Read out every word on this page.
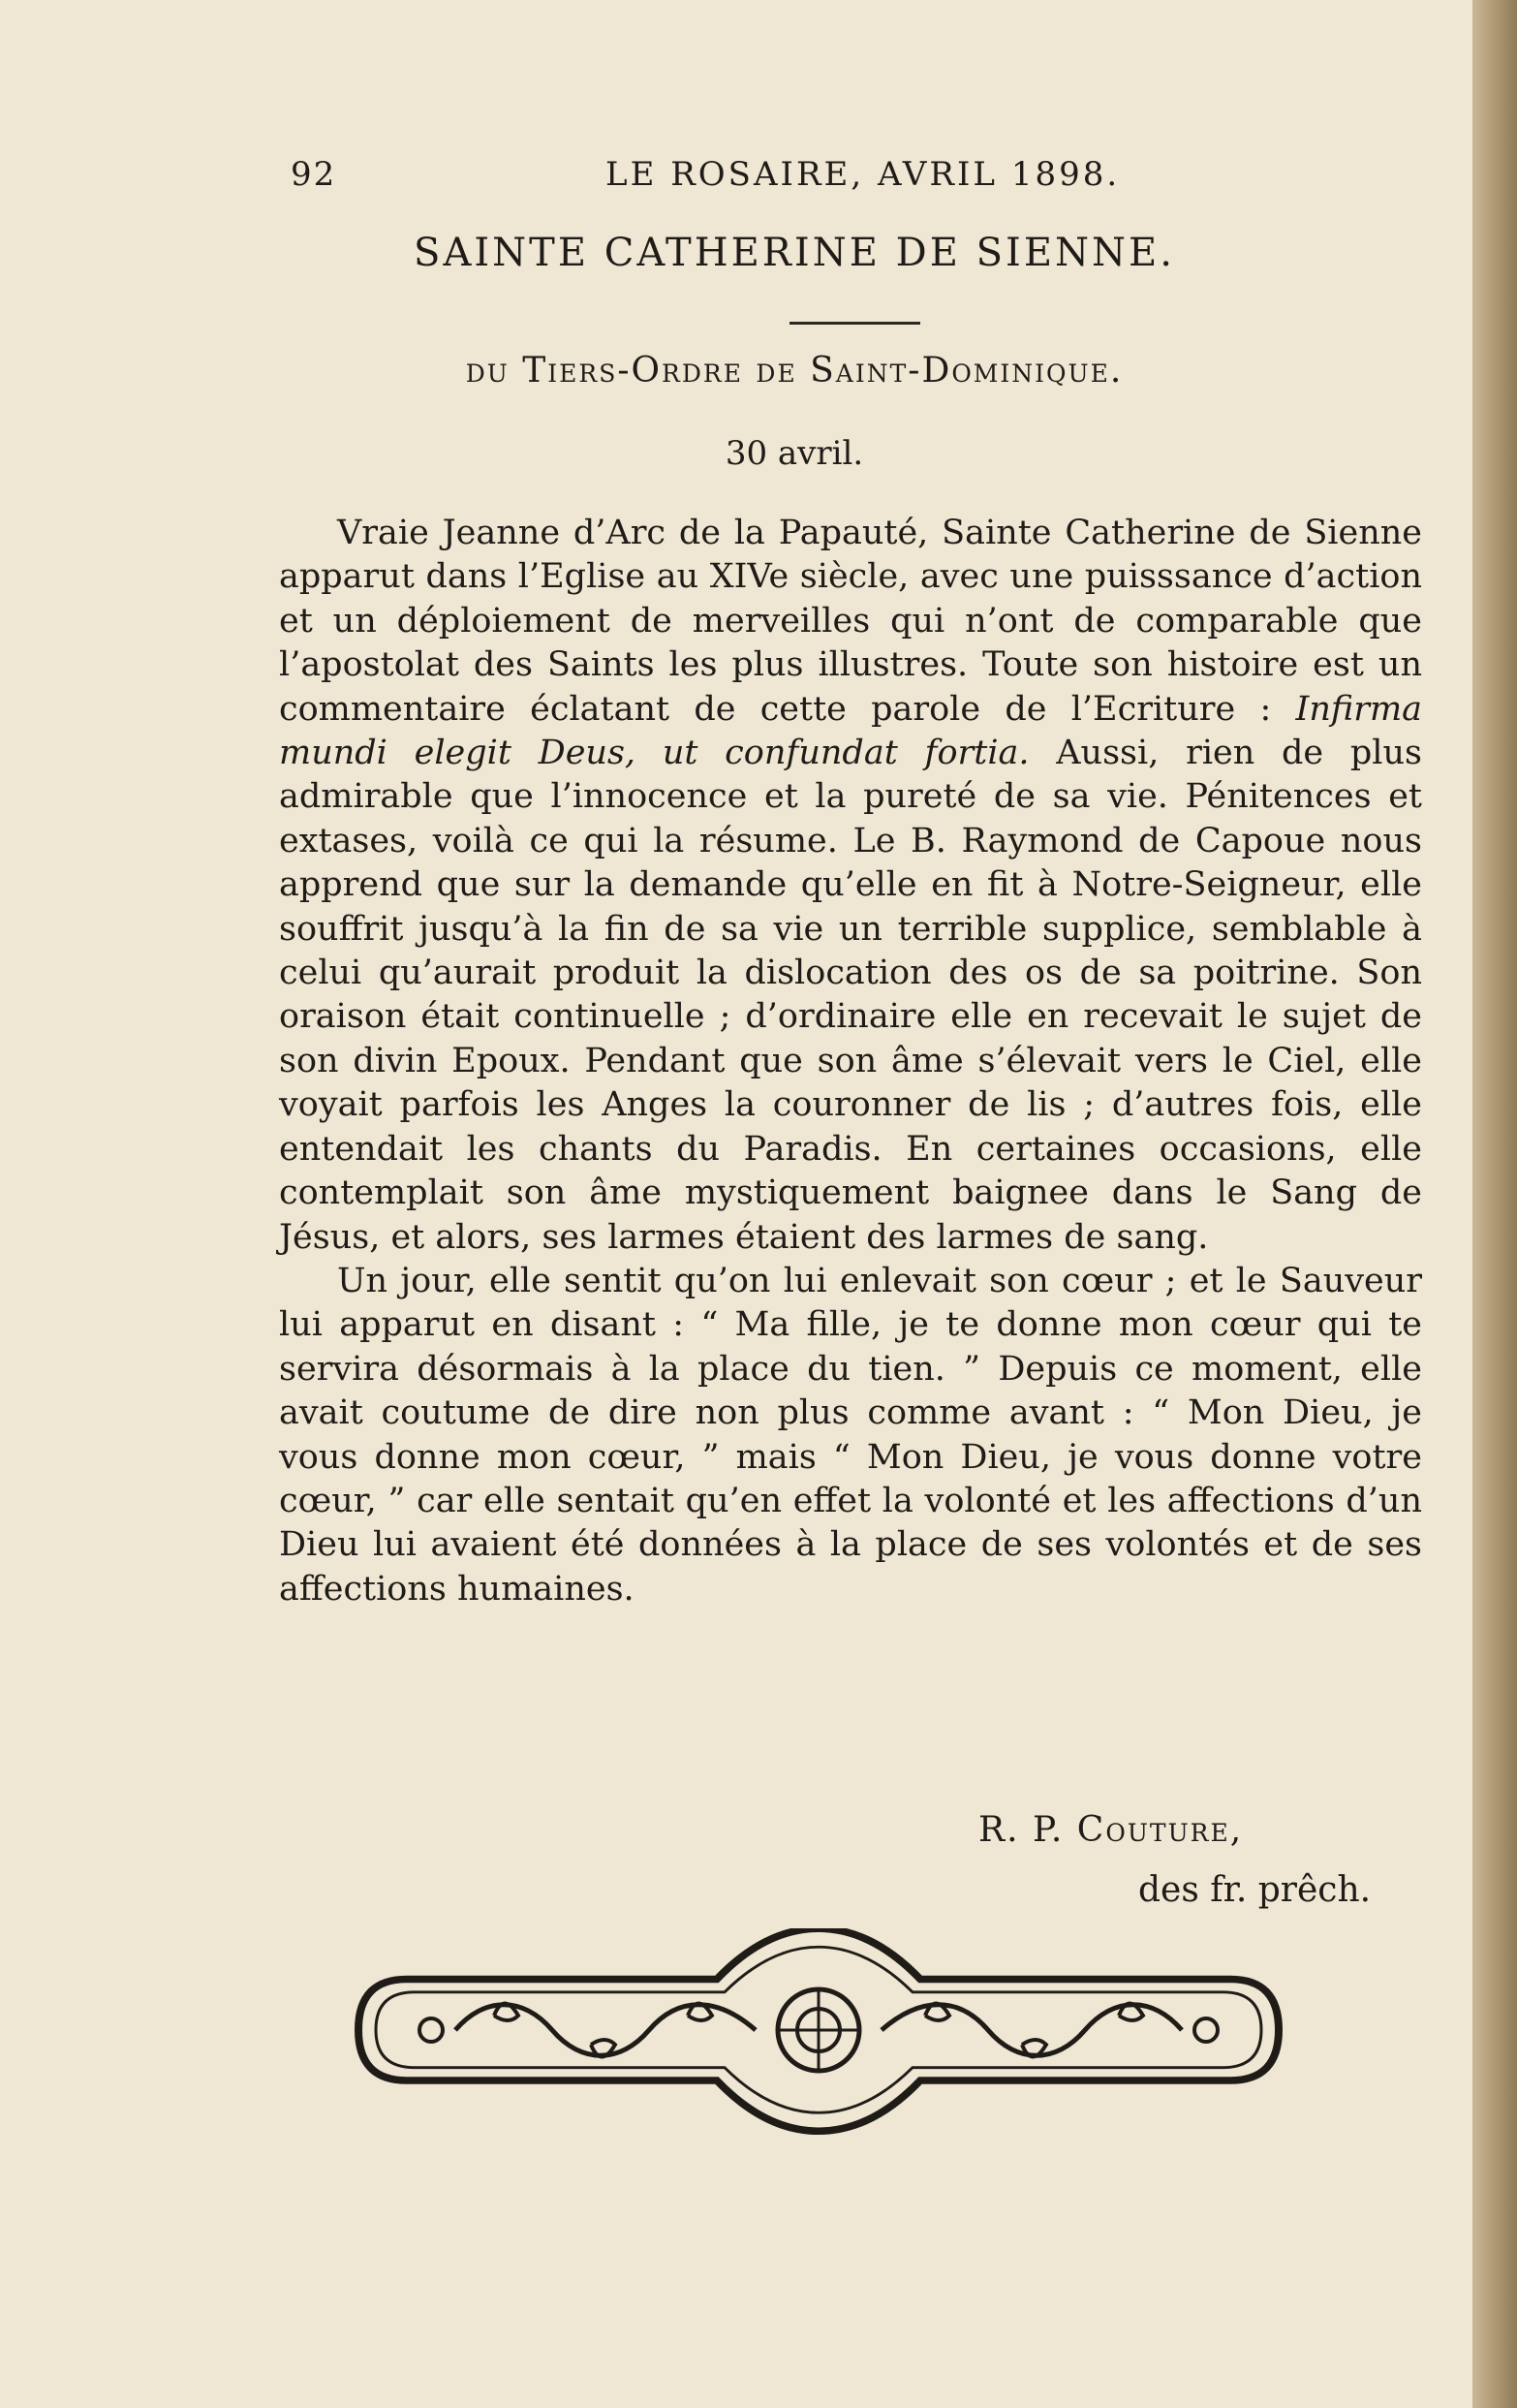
92	LE ROSAIRE, AVRIL 1898.
SAINTE CATHERINE DE SIENNE.
du Tiers-Ordre de Saint-Dominique.
30 avril.

Vraie Jeanne d’Arc de la Papauté, Sainte Catherine de Sienne apparut dans l’Eglise au XIVe siècle, avec une puisssance d’action et un déploiement de merveilles qui n’ont de comparable que l’apostolat des Saints les plus illustres. Toute son histoire est un commentaire éclatant de cette parole de l’Ecriture : Infirma mundi elegit Deus, ut confundat fortia. Aussi, rien de plus admirable que l’innocence et la pureté de sa vie. Pénitences et extases, voilà ce qui la résume. Le B. Raymond de Capoue nous apprend que sur la demande qu’elle en fit à Notre-Seigneur, elle souffrit jusqu’à la fin de sa vie un terrible supplice, semblable à celui qu’aurait produit la dislocation des os de sa poitrine. Son oraison était continuelle ; d’ordinaire elle en recevait le sujet de son divin Epoux. Pendant que son âme s’élevait vers le Ciel, elle voyait parfois les Anges la couronner de lis ; d’autres fois, elle entendait les chants du Paradis. En certaines occasions, elle contemplait son âme mystiquement baignee dans le Sang de Jésus, et alors, ses larmes étaient des larmes de sang.

Un jour, elle sentit qu’on lui enlevait son cœur ; et le Sauveur lui apparut en disant : “ Ma fille, je te donne mon cœur qui te servira désormais à la place du tien. ” Depuis ce moment, elle avait coutume de dire non plus comme avant : “ Mon Dieu, je vous donne mon cœur, ” mais “ Mon Dieu, je vous donne votre cœur, ” car elle sentait qu’en effet la volonté et les affections d’un Dieu lui avaient été données à la place de ses volontés et de ses affections humaines.

R. P. Couture,
des fr. prêch.
